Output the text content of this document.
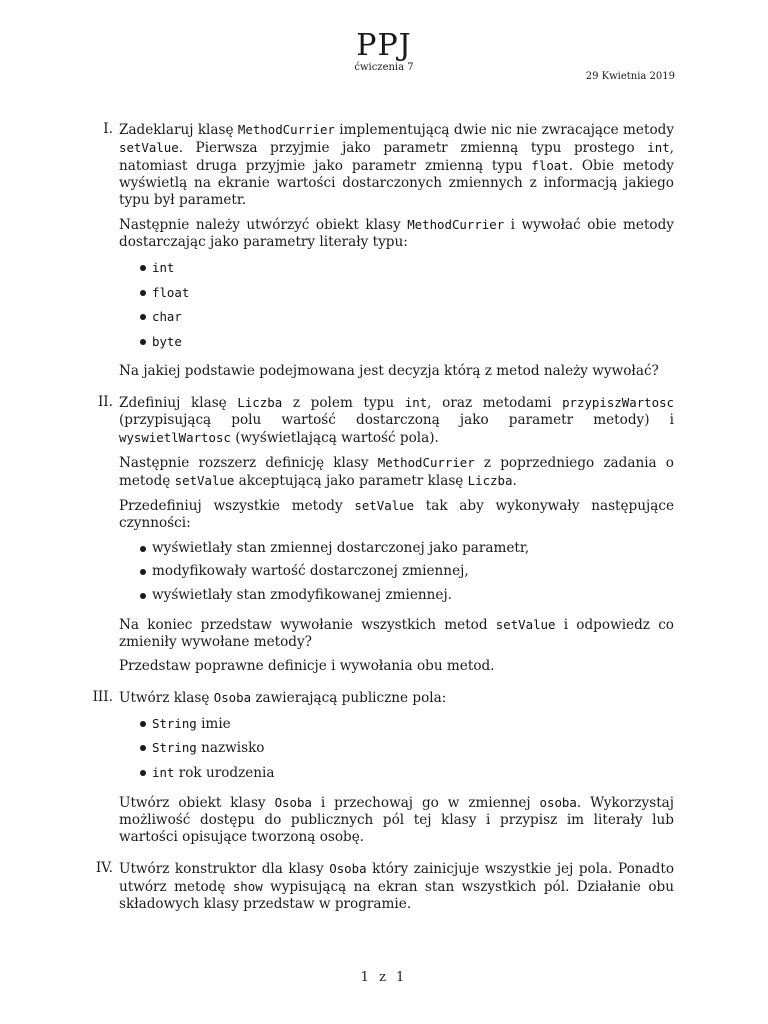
PPJ
ćwiczenia 7
29 Kwietnia 2019
I. Zadeklaruj klasę MethodCurrier implementującą dwie nic nie zwracające metody setValue. Pierwsza przyjmie jako parametr zmienną typu prostego int, natomiast druga przyjmie jako parametr zmienną typu float. Obie metody wyświetlą na ekranie wartości dostarczonych zmiennych z informacją jakiego typu był parametr.

Następnie należy utwórzyć obiekt klasy MethodCurrier i wywołać obie metody dostarczając jako parametry literały typu:

int
float
char
byte

Na jakiej podstawie podejmowana jest decyzja którą z metod należy wywołać?

II. Zdefiniuj klasę Liczba z polem typu int, oraz metodami przypiszWartosc (przypisującą polu wartość dostarczoną jako parametr metody) i wyswietlWartosc (wyświetlającą wartość pola).

Następnie rozszerz definicję klasy MethodCurrier z poprzedniego zadania o metodę setValue akceptującą jako parametr klasę Liczba.

Przedefiniuj wszystkie metody setValue tak aby wykonywały następujące czynności:

wyświetlały stan zmiennej dostarczonej jako parametr,
modyfikowały wartość dostarczonej zmiennej,
wyświetlały stan zmodyfikowanej zmiennej.

Na koniec przedstaw wywołanie wszystkich metod setValue i odpowiedz co zmieniły wywołane metody?

Przedstaw poprawne definicje i wywołania obu metod.

III. Utwórz klasę Osoba zawierającą publiczne pola:

String imie
String nazwisko
int rok urodzenia

Utwórz obiekt klasy Osoba i przechowaj go w zmiennej osoba. Wykorzystaj możliwość dostępu do publicznych pól tej klasy i przypisz im literały lub wartości opisujące tworzoną osobę.

IV. Utwórz konstruktor dla klasy Osoba który zainicjuje wszystkie jej pola. Ponadto utwórz metodę show wypisującą na ekran stan wszystkich pól. Działanie obu składowych klasy przedstaw w programie.

1 z 1
